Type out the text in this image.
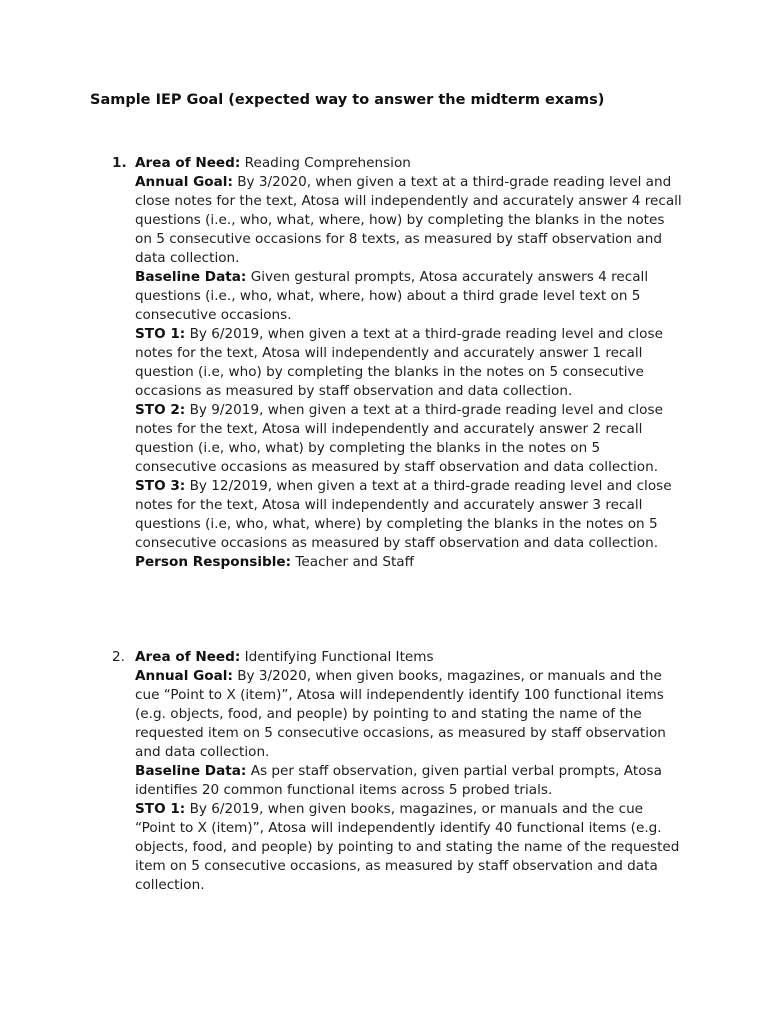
Sample IEP Goal (expected way to answer the midterm exams)
1. Area of Need:
Reading Comprehension

Annual Goal: By 3/2020, when given a text at a third-grade reading level and close notes for the text, Atosa will independently and accurately answer 4 recall questions (i.e., who, what, where, how) by completing the blanks in the notes on 5 consecutive occasions for 8 texts, as measured by staff observation and data collection.

Baseline Data: Given gestural prompts, Atosa accurately answers 4 recall questions (i.e., who, what, where, how) about a third grade level text on 5 consecutive occasions.

STO 1: By 6/2019, when given a text at a third-grade reading level and close notes for the text, Atosa will independently and accurately answer 1 recall question (i.e, who) by completing the blanks in the notes on 5 consecutive occasions as measured by staff observation and data collection.

STO 2: By 9/2019, when given a text at a third-grade reading level and close notes for the text, Atosa will independently and accurately answer 2 recall question (i.e, who, what) by completing the blanks in the notes on 5 consecutive occasions as measured by staff observation and data collection.

STO 3: By 12/2019, when given a text at a third-grade reading level and close notes for the text, Atosa will independently and accurately answer 3 recall questions (i.e, who, what, where) by completing the blanks in the notes on 5 consecutive occasions as measured by staff observation and data collection.

Person Responsible: Teacher and Staff

2. Area of Need:
Identifying Functional Items

Annual Goal: By 3/2020, when given books, magazines, or manuals and the cue “Point to X (item)”, Atosa will independently identify 100 functional items (e.g. objects, food, and people) by pointing to and stating the name of the requested item on 5 consecutive occasions, as measured by staff observation and data collection.

Baseline Data: As per staff observation, given partial verbal prompts, Atosa identifies 20 common functional items across 5 probed trials.

STO 1: By 6/2019, when given books, magazines, or manuals and the cue “Point to X (item)”, Atosa will independently identify 40 functional items (e.g. objects, food, and people) by pointing to and stating the name of the requested item on 5 consecutive occasions, as measured by staff observation and data collection.
